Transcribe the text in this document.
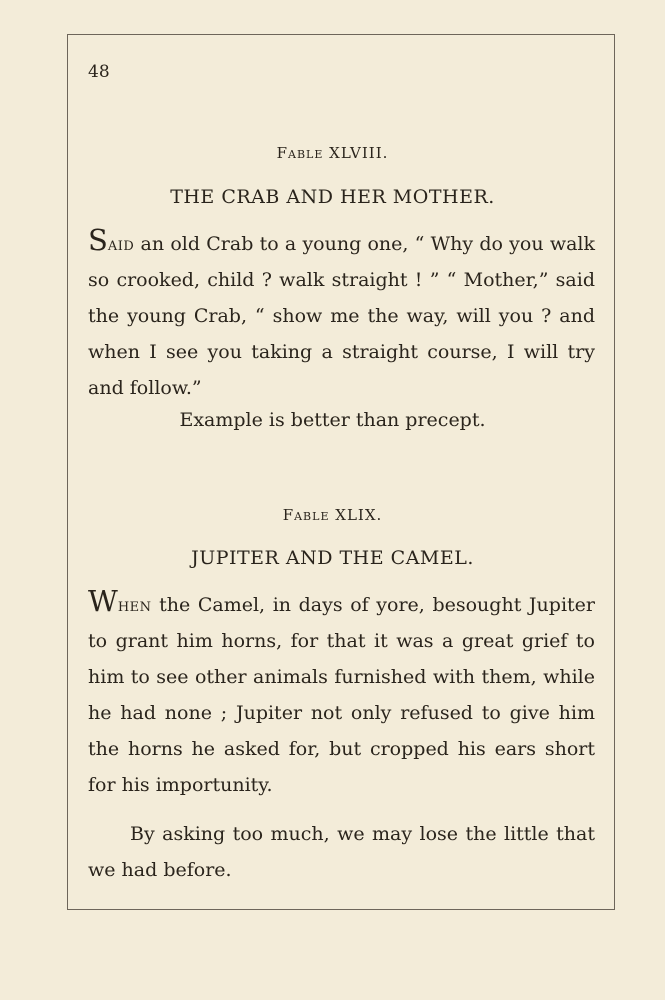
48
Fable XLVIII.
THE CRAB AND HER MOTHER.
Said an old Crab to a young one, “ Why do you walk so crooked, child ? walk straight ! ” “ Mother,” said the young Crab, “ show me the way, will you ? and when I see you taking a straight course, I will try and follow.”
Example is better than precept.
Fable XLIX.
JUPITER AND THE CAMEL.
When the Camel, in days of yore, besought Jupiter to grant him horns, for that it was a great grief to him to see other animals furnished with them, while he had none ; Jupiter not only refused to give him the horns he asked for, but cropped his ears short for his importunity.
By asking too much, we may lose the little that we had before.
